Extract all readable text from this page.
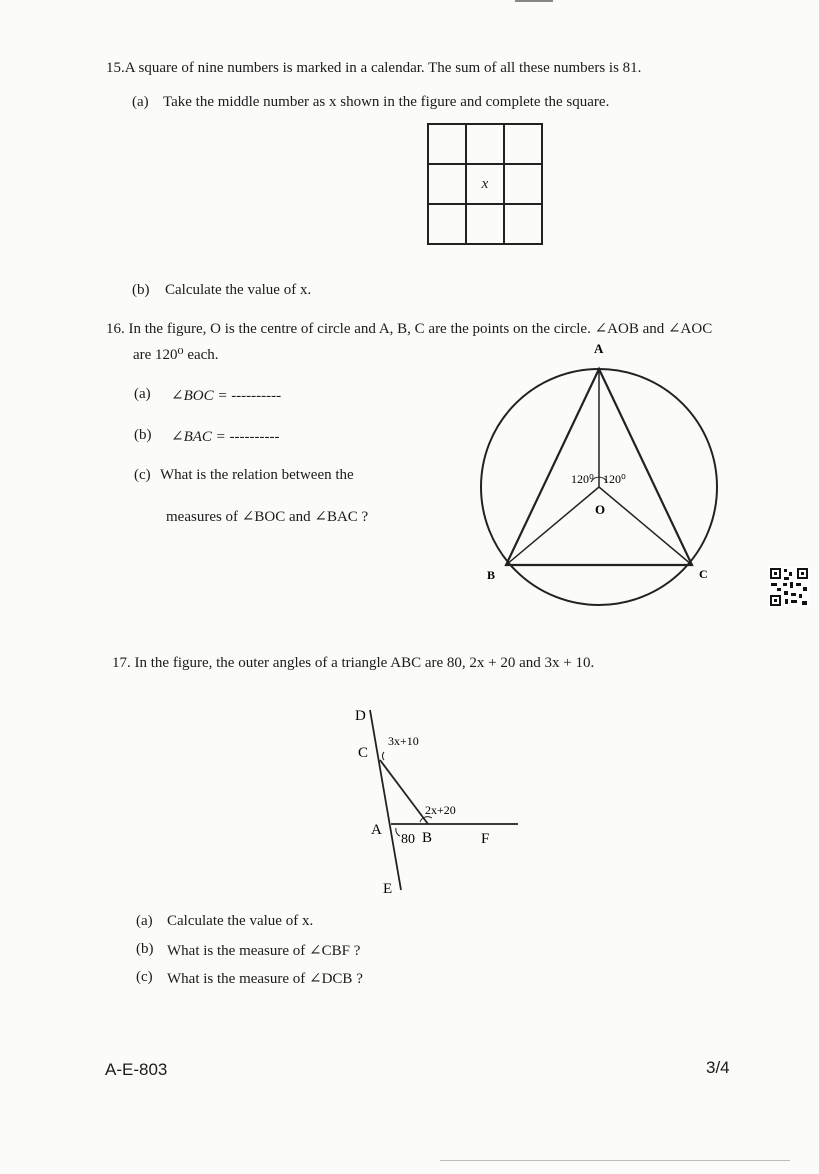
15.A square of nine numbers is marked in a calendar. The sum of all these numbers is 81.
(a) Take the middle number as x shown in the figure and complete the square.
x
(b) Calculate the value of x.
16. In the figure, O is the centre of circle and A, B, C are the points on the circle. ∠AOB and ∠AOC
are 120⁰ each.
(a) ∠BOC = ----------
(b) ∠BAC = ----------
(c) What is the relation between the
measures of ∠BOC and ∠BAC ?
A
B	C
O
120⁰ 120⁰
17. In the figure, the outer angles of a triangle ABC are 80, 2x + 20 and 3x + 10.
D
C
A	B
E
F
3x+10
2x+20
80
(a) Calculate the value of x.
(b) What is the measure of ∠CBF ?
(c) What is the measure of ∠DCB ?
A-E-803	3/4
